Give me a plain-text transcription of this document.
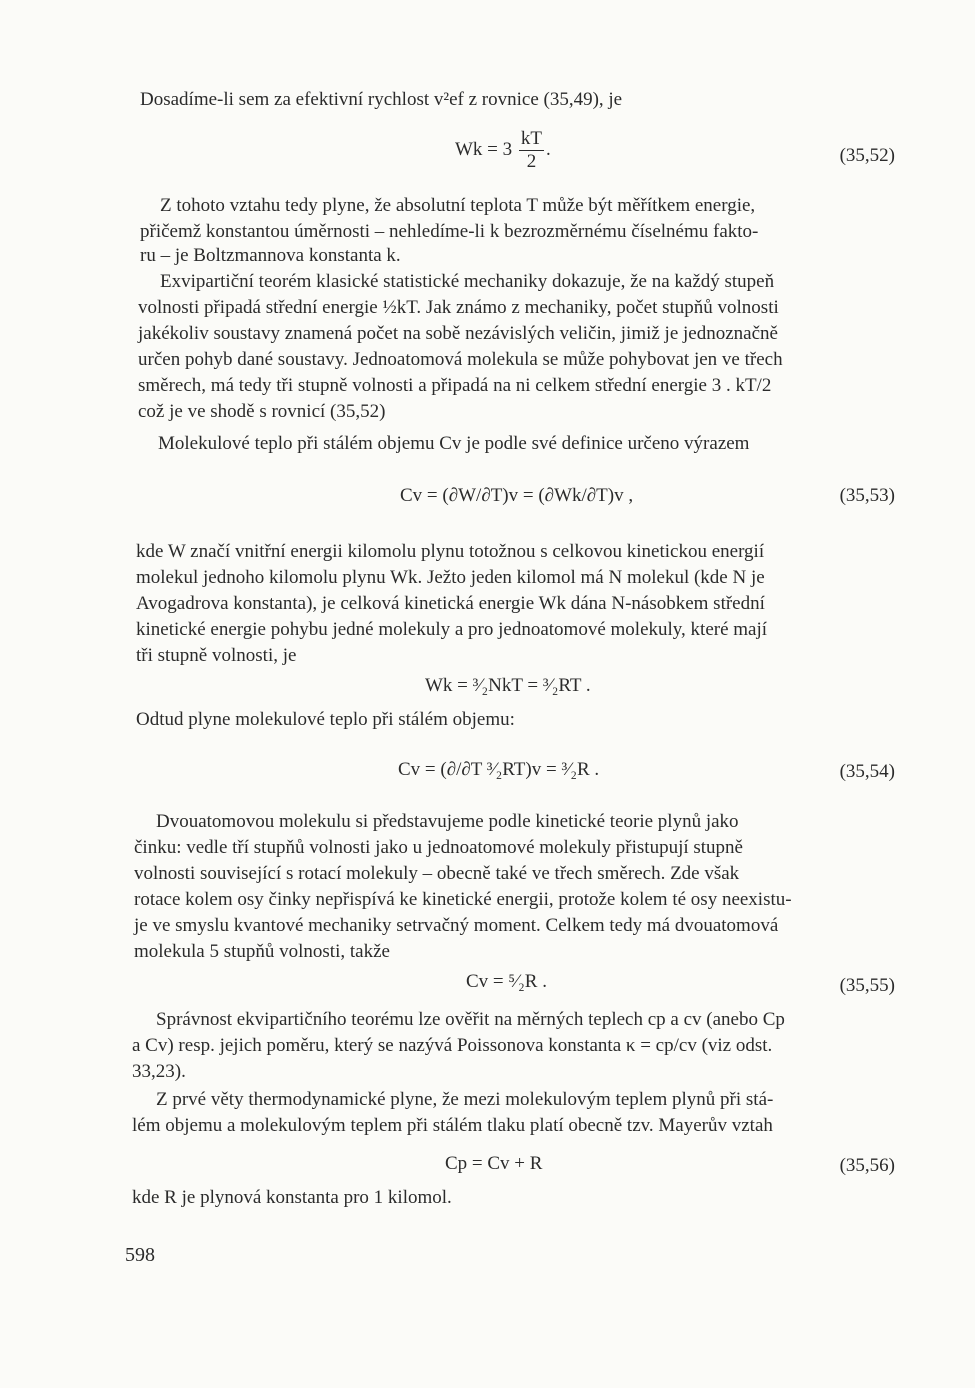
Dosadíme-li sem za efektivní rychlost v²ef z rovnice (35,49), je
$Wk = 3 \frac{kT}{2}$ .	(35,52)
Z tohoto vztahu tedy plyne, že absolutní teplota T může být měřítkem energie,
přičemž konstantou úměrnosti – nehledíme-li k bezrozměrnému číselnému fakto-
ru – je Boltzmannova konstanta k.
Exvipartiční teorém klasické statistické mechaniky dokazuje, že na každý stupeň
volnosti připadá střední energie ½kT. Jak známo z mechaniky, počet stupňů volnosti
jakékoliv soustavy znamená počet na sobě nezávislých veličin, jimiž je jednoznačně
určen pohyb dané soustavy. Jednoatomová molekula se může pohybovat jen ve třech
směrech, má tedy tři stupně volnosti a připadá na ni celkem střední energie 3 . kT/2
což je ve shodě s rovnicí (35,52)
Molekulové teplo při stálém objemu Cv je podle své definice určeno výrazem
Cv = (∂W/∂T)v = (∂Wk/∂T)v ,	(35,53)
kde W značí vnitřní energii kilomolu plynu totožnou s celkovou kinetickou energií
molekul jednoho kilomolu plynu Wk. Ježto jeden kilomol má N molekul (kde N je
Avogadrova konstanta), je celková kinetická energie Wk dána N-násobkem střední
kinetické energie pohybu jedné molekuly a pro jednoatomové molekuly, které mají
tři stupně volnosti, je
Wk = ³⁄₂NkT = ³⁄₂RT .
Odtud plyne molekulové teplo při stálém objemu:
Cv = (∂/∂T ³⁄₂RT)v = ³⁄₂R .	(35,54)
Dvouatomovou molekulu si představujeme podle kinetické teorie plynů jako
činku: vedle tří stupňů volnosti jako u jednoatomové molekuly přistupují stupně
volnosti související s rotací molekuly – obecně také ve třech směrech. Zde však
rotace kolem osy činky nepřispívá ke kinetické energii, protože kolem té osy neexistu-
je ve smyslu kvantové mechaniky setrvačný moment. Celkem tedy má dvouatomová
molekula 5 stupňů volnosti, takže
Cv = ⁵⁄₂R .	(35,55)
Správnost ekvipartičního teorému lze ověřit na měrných teplech cp a cv (anebo Cp
a Cv) resp. jejich poměru, který se nazývá Poissonova konstanta κ = cp/cv (viz odst.
33,23).
Z prvé věty thermodynamické plyne, že mezi molekulovým teplem plynů při stá-
lém objemu a molekulovým teplem při stálém tlaku platí obecně tzv. Mayerův vztah
Cp = Cv + R	(35,56)
kde R je plynová konstanta pro 1 kilomol.
598
